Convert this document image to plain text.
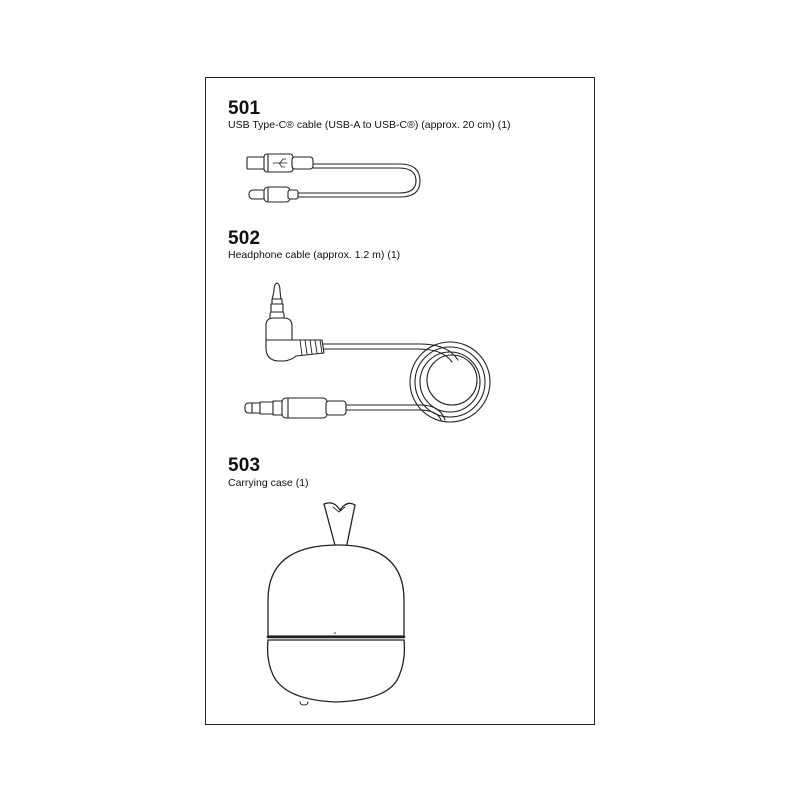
501
USB Type-C® cable (USB-A to USB-C®) (approx. 20 cm) (1)
502
Headphone cable (approx. 1.2 m) (1)
503
Carrying case (1)
